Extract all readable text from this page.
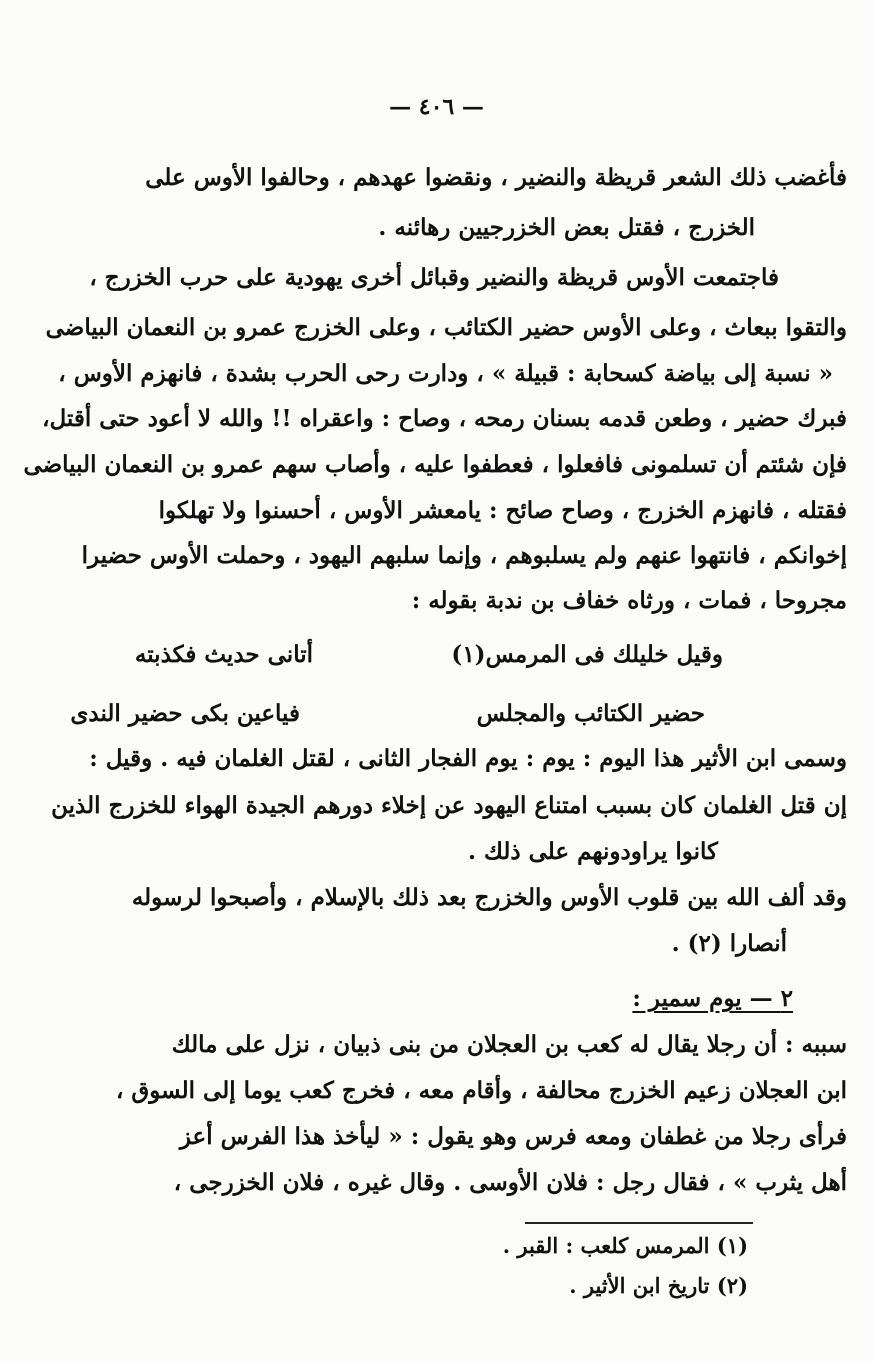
— ٤٠٦ —
فأغضب ذلك الشعر قريظة والنضير ، ونقضوا عهدهم ، وحالفوا الأوس على
الخزرج ، فقتل بعض الخزرجيين رهائنه .
فاجتمعت الأوس قريظة والنضير وقبائل أخرى يهودية على حرب الخزرج ،
والتقوا ببعاث ، وعلى الأوس حضير الكتائب ، وعلى الخزرج عمرو بن النعمان البياضى
« نسبة إلى بياضة كسحابة : قبيلة » ، ودارت رحى الحرب بشدة ، فانهزم الأوس ،
فبرك حضير ، وطعن قدمه بسنان رمحه ، وصاح : واعقراه !! والله لا أعود حتى أقتل،
فإن شئتم أن تسلمونى فافعلوا ، فعطفوا عليه ، وأصاب سهم عمرو بن النعمان البياضى
فقتله ، فانهزم الخزرج ، وصاح صائح : يامعشر الأوس ، أحسنوا ولا تهلكوا
إخوانكم ، فانتهوا عنهم ولم يسلبوهم ، وإنما سلبهم اليهود ، وحملت الأوس حضيرا
مجروحا ، فمات ، ورثاه خفاف بن ندبة بقوله :
أتانى حديث فكذبته	وقيل خليلك فى المرمس(١)
فياعين بكى حضير الندى	حضير الكتائب والمجلس
وسمى ابن الأثير هذا اليوم : يوم : يوم الفجار الثانى ، لقتل الغلمان فيه . وقيل :
إن قتل الغلمان كان بسبب امتناع اليهود عن إخلاء دورهم الجيدة الهواء للخزرج الذين
كانوا يراودونهم على ذلك .
وقد ألف الله بين قلوب الأوس والخزرج بعد ذلك بالإسلام ، وأصبحوا لرسوله
أنصارا (٢) .
٢ — يوم سمير :
سببه : أن رجلا يقال له كعب بن العجلان من بنى ذبيان ، نزل على مالك
ابن العجلان زعيم الخزرج محالفة ، وأقام معه ، فخرج كعب يوما إلى السوق ،
فرأى رجلا من غطفان ومعه فرس وهو يقول : « ليأخذ هذا الفرس أعز
أهل يثرب » ، فقال رجل : فلان الأوسى . وقال غيره ، فلان الخزرجى ،
(١) المرمس كلعب : القبر .
(٢) تاريخ ابن الأثير .
